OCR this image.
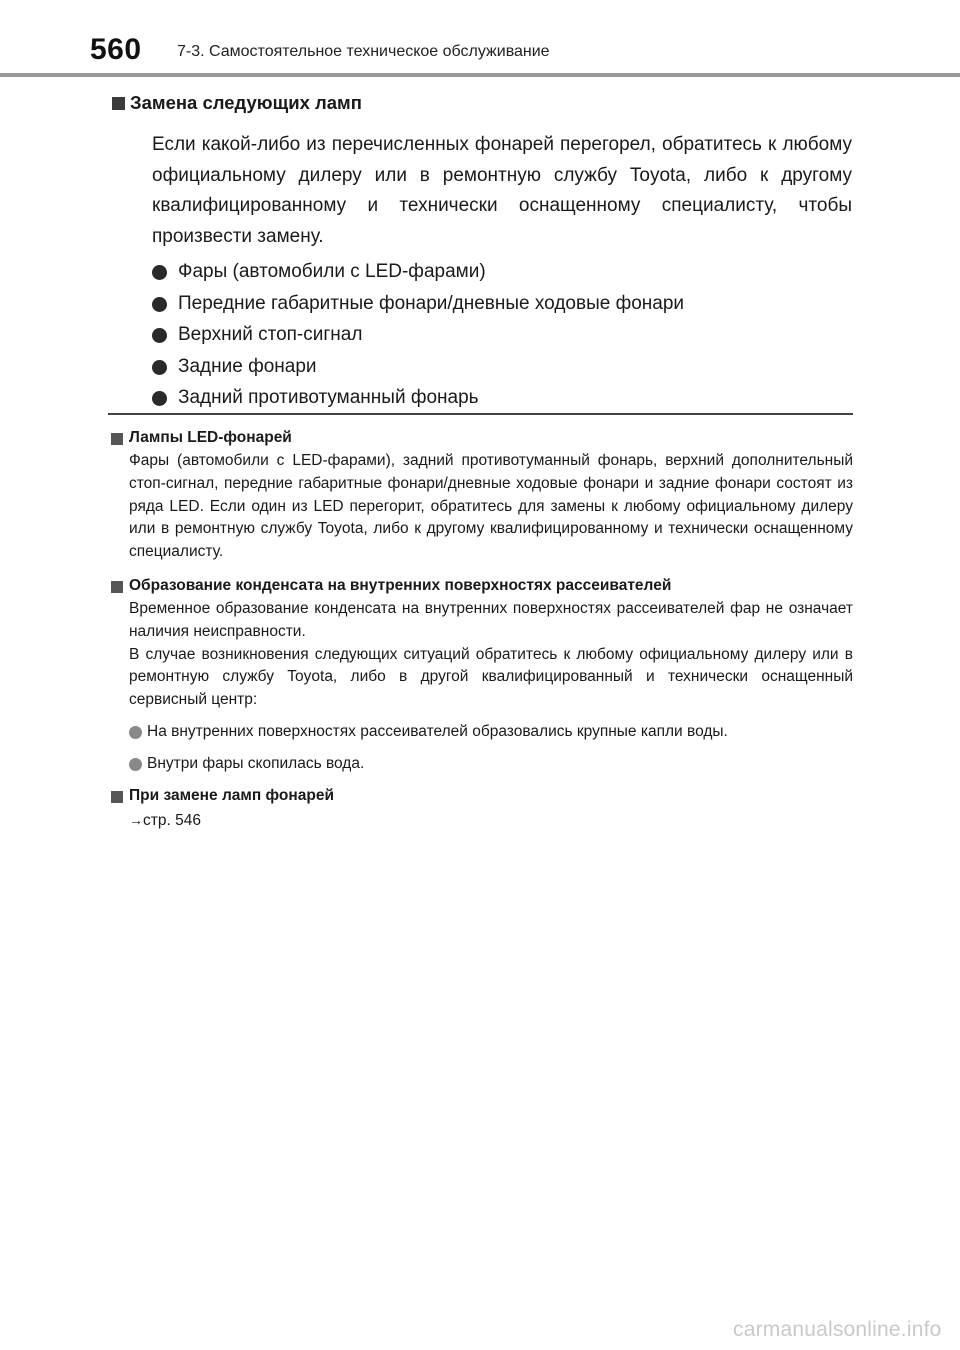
560 7-3. Самостоятельное техническое обслуживание
Замена следующих ламп
Если какой-либо из перечисленных фонарей перегорел, обратитесь к любому официальному дилеру или в ремонтную службу Toyota, либо к другому квалифицированному и технически оснащенному специалисту, чтобы произвести замену.
Фары (автомобили с LED-фарами)
Передние габаритные фонари/дневные ходовые фонари
Верхний стоп-сигнал
Задние фонари
Задний противотуманный фонарь
Лампы LED-фонарей
Фары (автомобили с LED-фарами), задний противотуманный фонарь, верхний дополнительный стоп-сигнал, передние габаритные фонари/дневные ходовые фонари и задние фонари состоят из ряда LED. Если один из LED перегорит, обратитесь для замены к любому официальному дилеру или в ремонтную службу Toyota, либо к другому квалифицированному и технически оснащенному специалисту.
Образование конденсата на внутренних поверхностях рассеивателей
Временное образование конденсата на внутренних поверхностях рассеивателей фар не означает наличия неисправности.
В случае возникновения следующих ситуаций обратитесь к любому официальному дилеру или в ремонтную службу Toyota, либо в другой квалифицированный и технически оснащенный сервисный центр:
На внутренних поверхностях рассеивателей образовались крупные капли воды.
Внутри фары скопилась вода.
При замене ламп фонарей
→стр. 546
carmanualsonline.info
